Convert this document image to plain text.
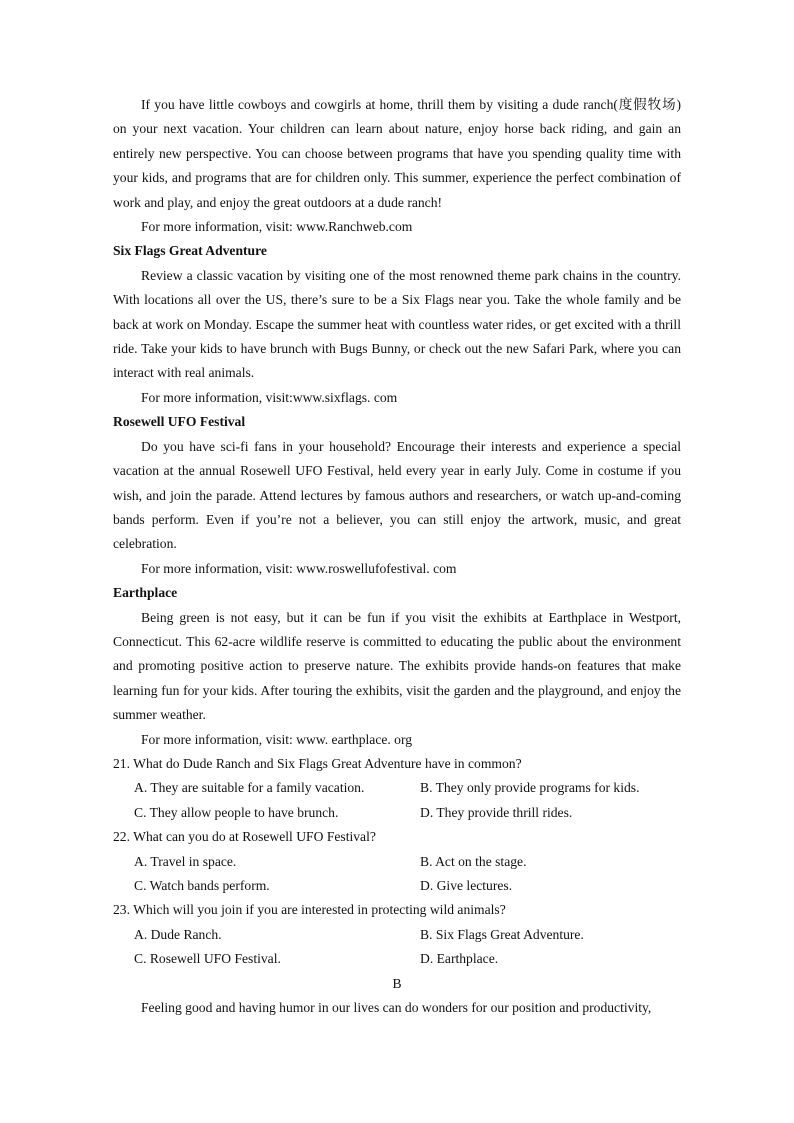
If you have little cowboys and cowgirls at home, thrill them by visiting a dude ranch(度假牧场) on your next vacation. Your children can learn about nature, enjoy horse back riding, and gain an entirely new perspective. You can choose between programs that have you spending quality time with your kids, and programs that are for children only. This summer, experience the perfect combination of work and play, and enjoy the great outdoors at a dude ranch!

For more information, visit: www.Ranchweb.com

Six Flags Great Adventure

Review a classic vacation by visiting one of the most renowned theme park chains in the country. With locations all over the US, there’s sure to be a Six Flags near you. Take the whole family and be back at work on Monday. Escape the summer heat with countless water rides, or get excited with a thrill ride. Take your kids to have brunch with Bugs Bunny, or check out the new Safari Park, where you can interact with real animals.

For more information, visit:www.sixflags. com

Rosewell UFO Festival

Do you have sci-fi fans in your household? Encourage their interests and experience a special vacation at the annual Rosewell UFO Festival, held every year in early July. Come in costume if you wish, and join the parade. Attend lectures by famous authors and researchers, or watch up-and-coming bands perform. Even if you’re not a believer, you can still enjoy the artwork, music, and great celebration.

For more information, visit: www.roswellufofestival. com

Earthplace

Being green is not easy, but it can be fun if you visit the exhibits at Earthplace in Westport, Connecticut. This 62-acre wildlife reserve is committed to educating the public about the environment and promoting positive action to preserve nature. The exhibits provide hands-on features that make learning fun for your kids. After touring the exhibits, visit the garden and the playground, and enjoy the summer weather.

For more information, visit: www. earthplace. org

21. What do Dude Ranch and Six Flags Great Adventure have in common?

A. They are suitable for a family vacation.	B. They only provide programs for kids.

C. They allow people to have brunch.	D. They provide thrill rides.

22. What can you do at Rosewell UFO Festival?

A. Travel in space.	B. Act on the stage.

C. Watch bands perform.	D. Give lectures.

23. Which will you join if you are interested in protecting wild animals?

A. Dude Ranch.	B. Six Flags Great Adventure.

C. Rosewell UFO Festival.	D. Earthplace.

B

Feeling good and having humor in our lives can do wonders for our position and productivity,
